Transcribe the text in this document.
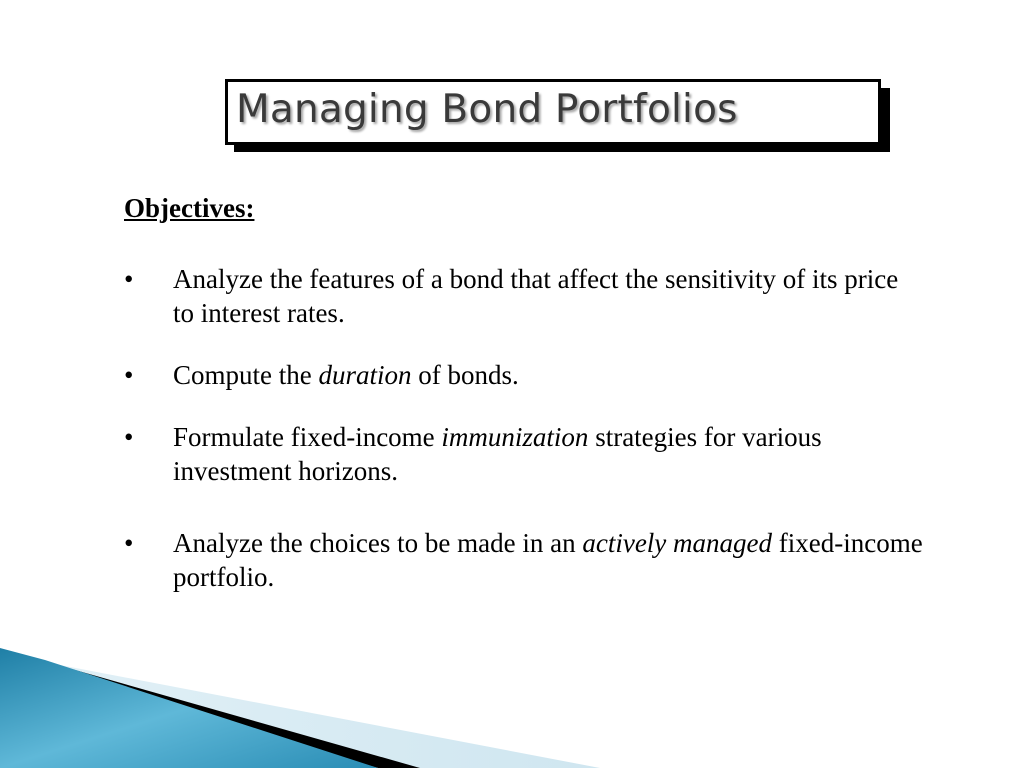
Managing Bond Portfolios
Objectives:
• Analyze the features of a bond that affect the sensitivity of its price to interest rates.
• Compute the duration of bonds.
• Formulate fixed-income immunization strategies for various investment horizons.
• Analyze the choices to be made in an actively managed fixed-income portfolio.
